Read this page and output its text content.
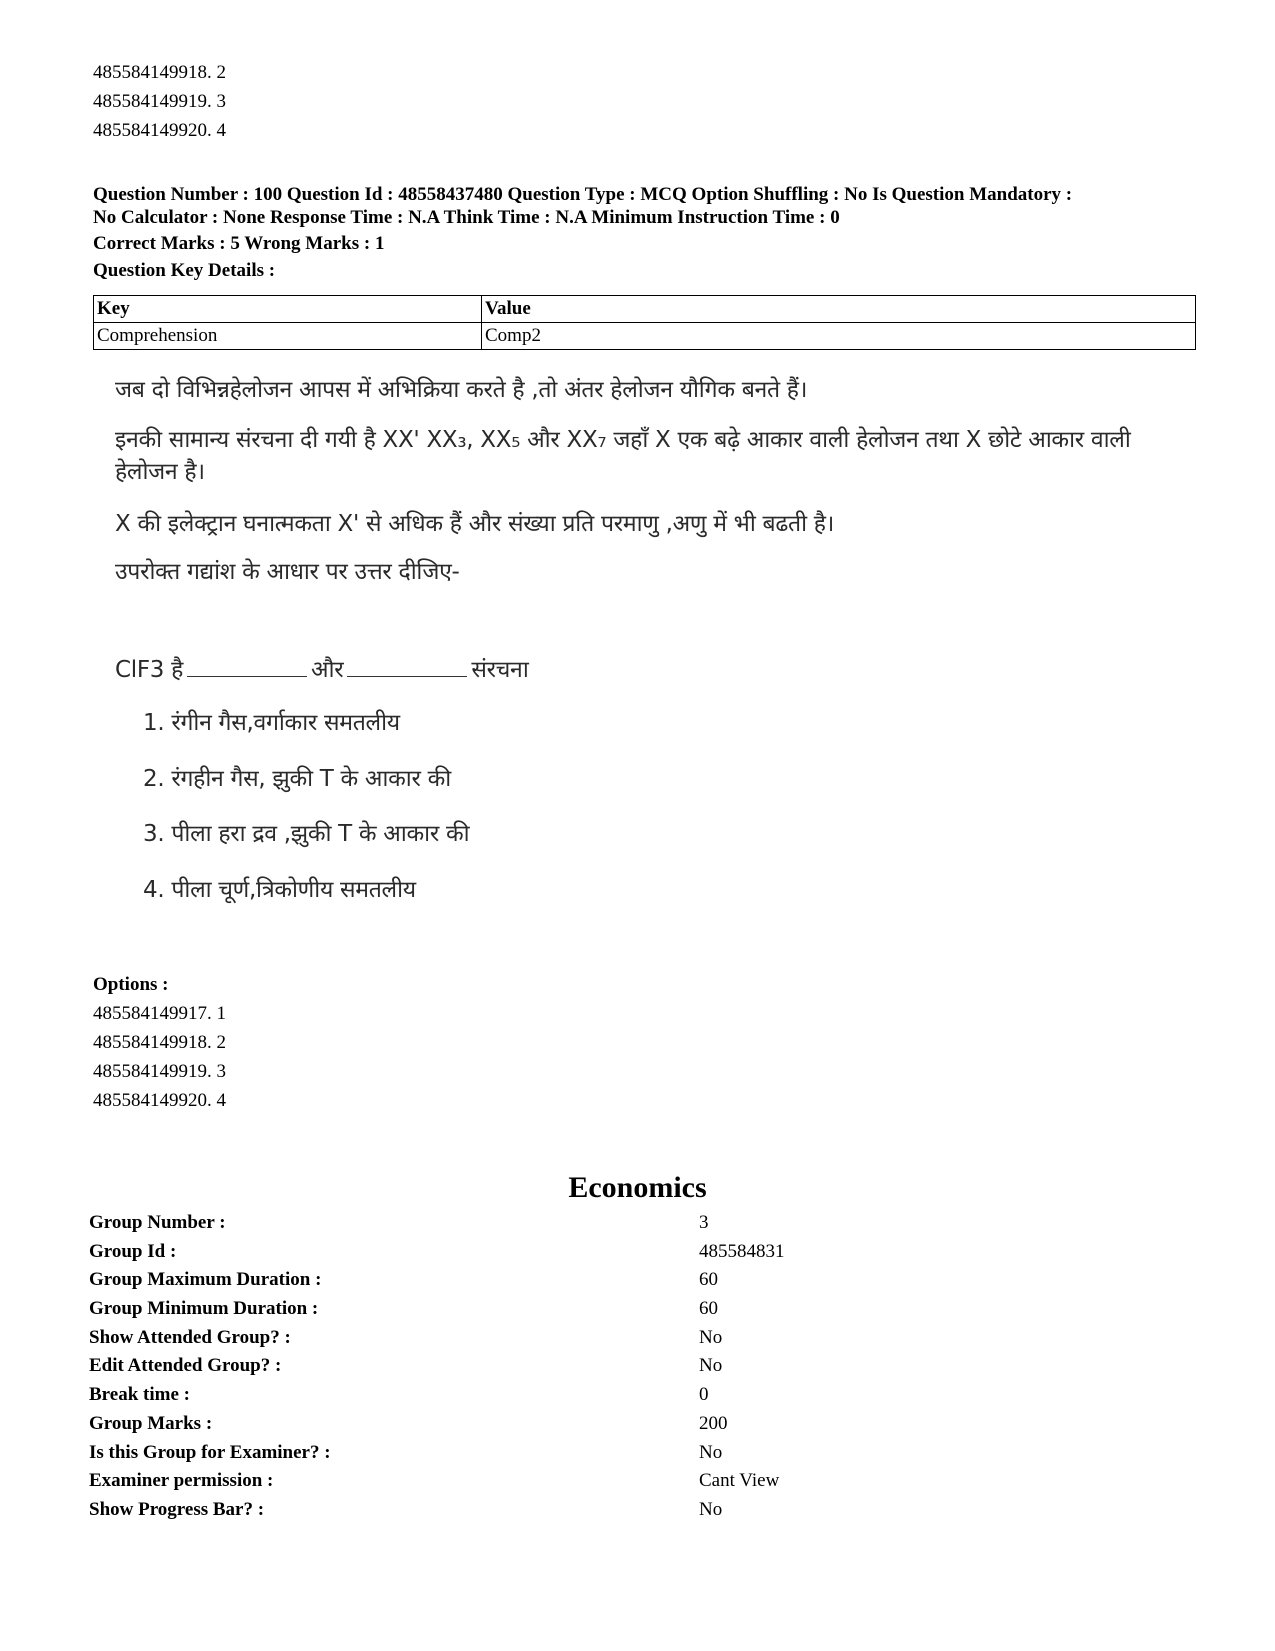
485584149918. 2
485584149919. 3
485584149920. 4
Question Number : 100 Question Id : 48558437480 Question Type : MCQ Option Shuffling : No Is Question Mandatory :
No Calculator : None Response Time : N.A Think Time : N.A Minimum Instruction Time : 0
Correct Marks : 5 Wrong Marks : 1
Question Key Details :
Key	Value
Comprehension	Comp2
जब दो विभिन्नहेलोजन आपस में अभिक्रिया करते है ,तो अंतर हेलोजन यौगिक बनते हैं।
इनकी सामान्य संरचना दी गयी है XX' XX₃, XX₅ और XX₇ जहाँ X एक बढ़े आकार वाली हेलोजन तथा X छोटे आकार वाली
हेलोजन है।
X की इलेक्ट्रान घनात्मकता X' से अधिक हैं और संख्या प्रति परमाणु ,अणु में भी बढती है।
उपरोक्त गद्यांश के आधार पर उत्तर दीजिए-
ClF3 है	और	संरचना
1. रंगीन गैस,वर्गाकार समतलीय
2. रंगहीन गैस, झुकी T के आकार की
3. पीला हरा द्रव ,झुकी T के आकार की
4. पीला चूर्ण,त्रिकोणीय समतलीय
Options :
485584149917. 1
485584149918. 2
485584149919. 3
485584149920. 4
Economics
Group Number :	3
Group Id :	485584831
Group Maximum Duration :	60
Group Minimum Duration :	60
Show Attended Group? :	No
Edit Attended Group? :	No
Break time :	0
Group Marks :	200
Is this Group for Examiner? :	No
Examiner permission :	Cant View
Show Progress Bar? :	No
